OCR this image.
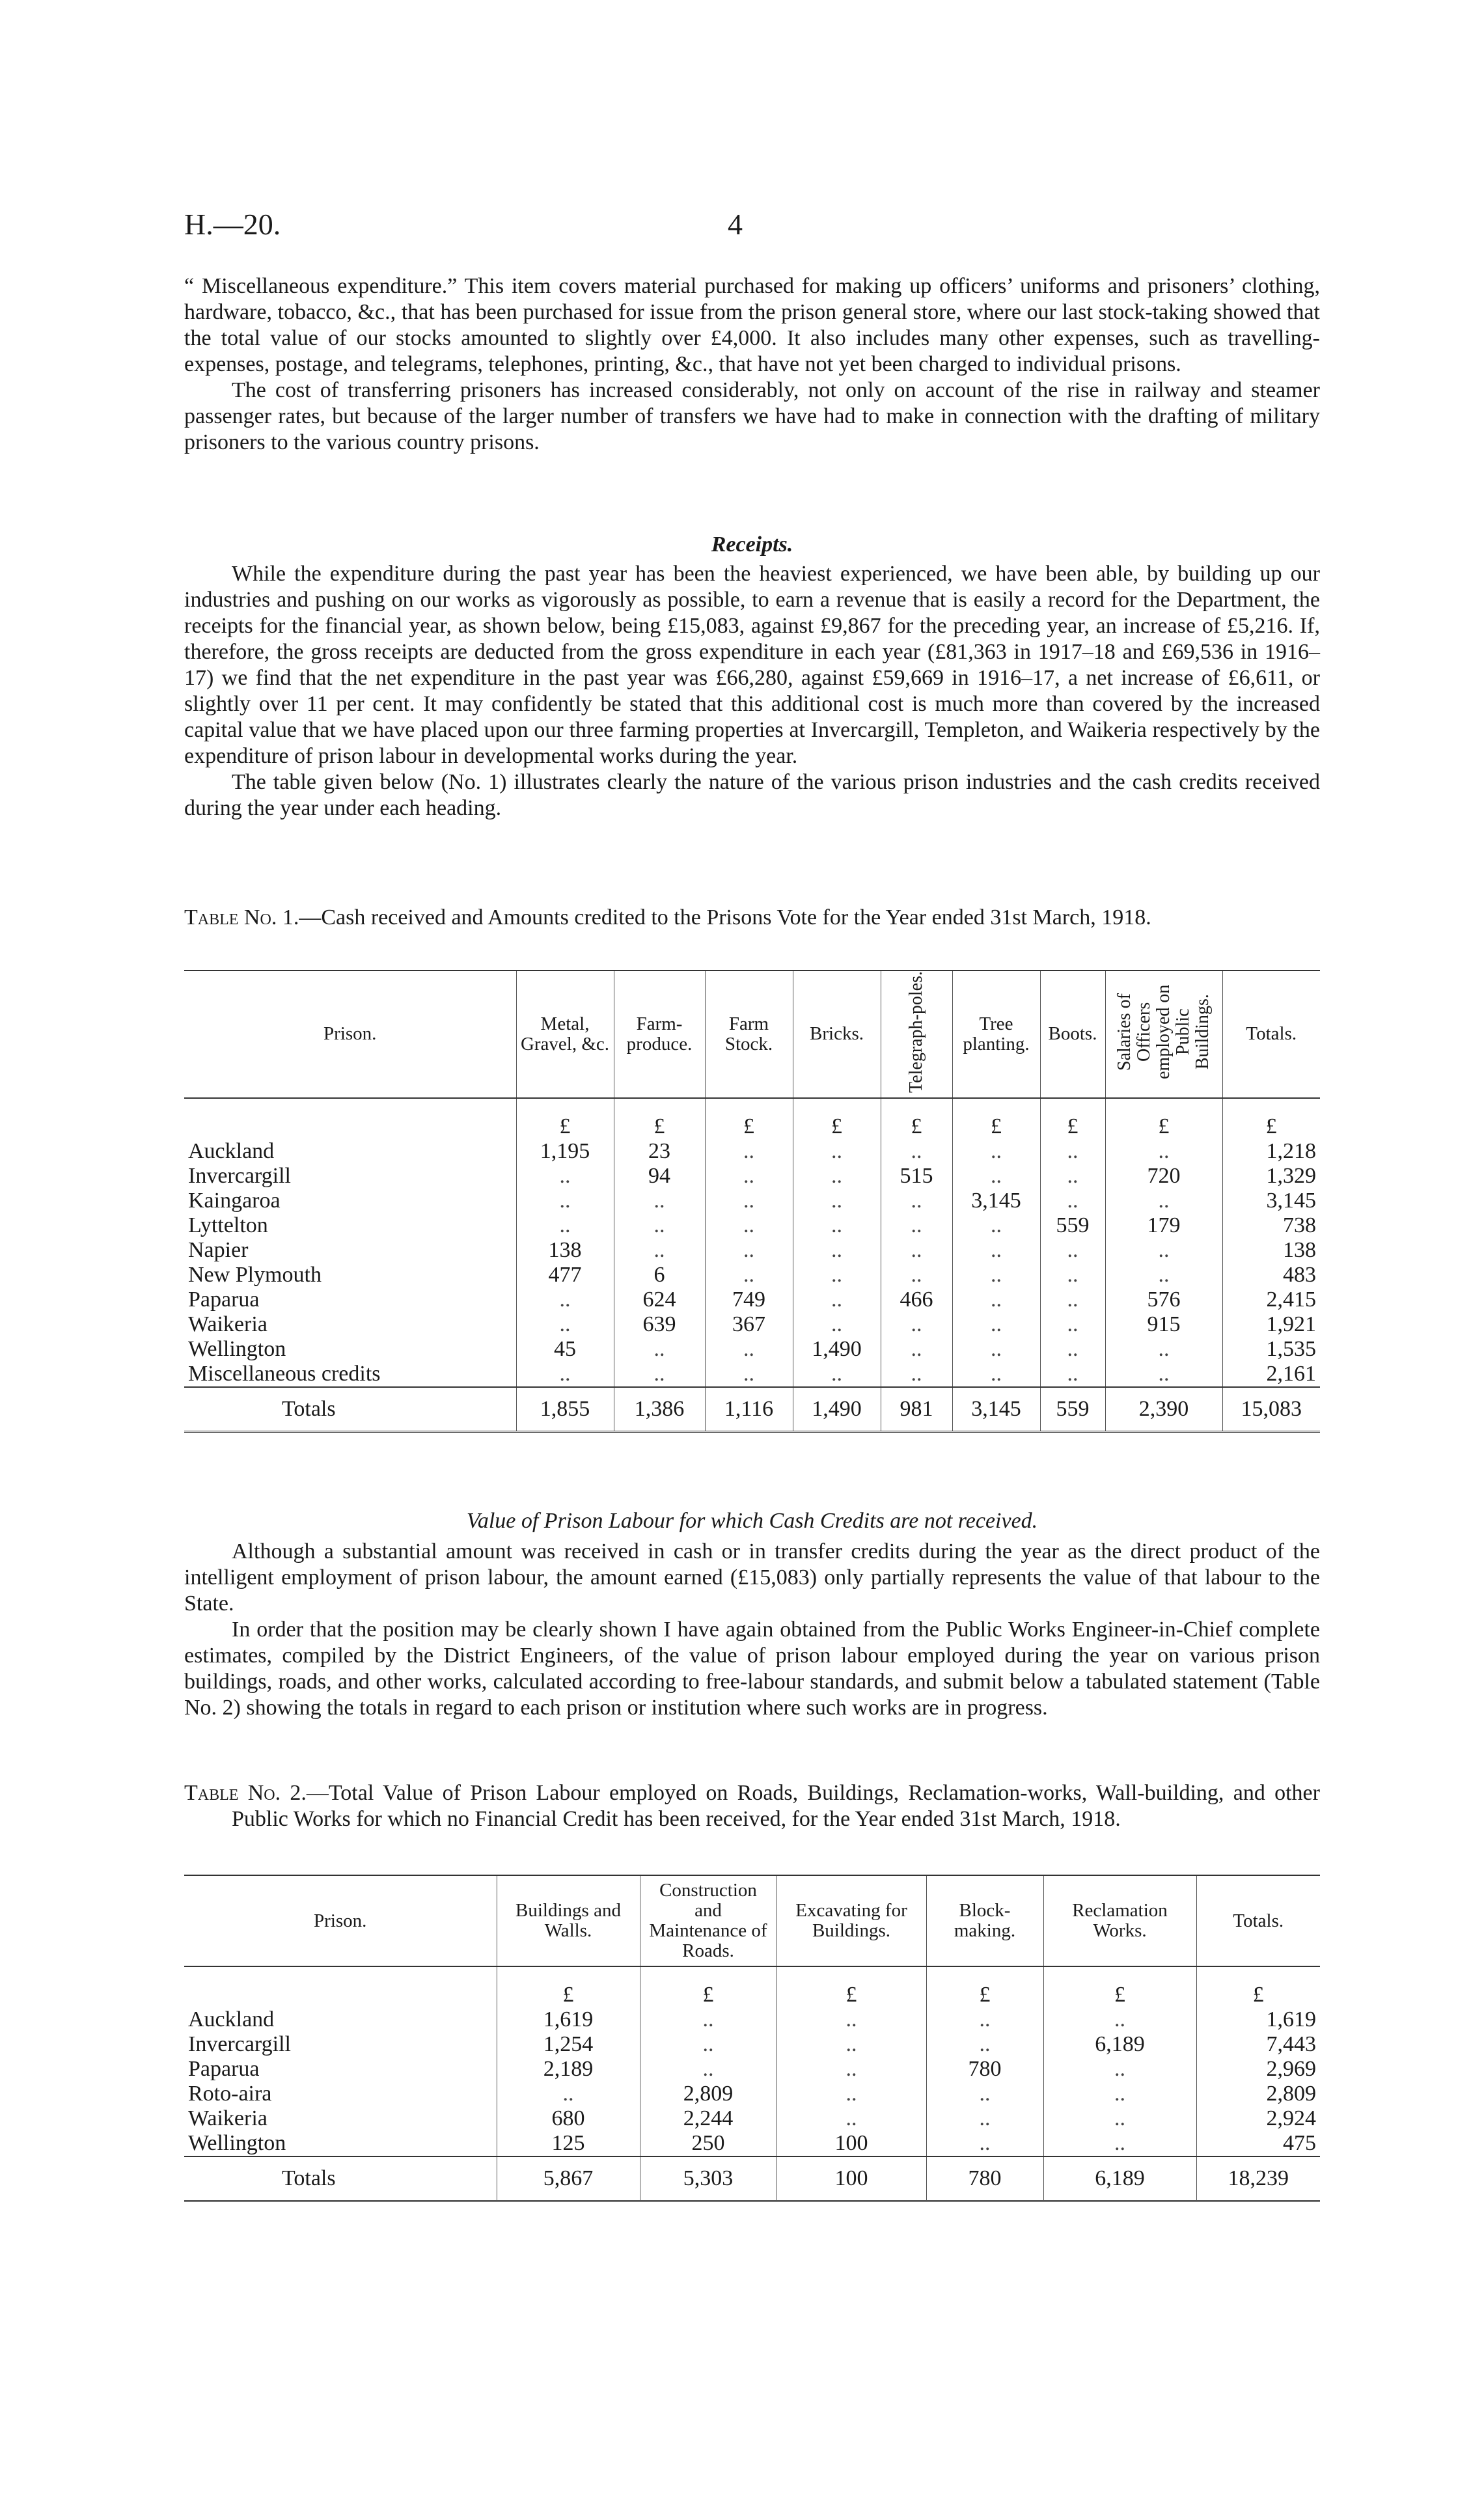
H.—20.	4

“ Miscellaneous expenditure.” This item covers material purchased for making up officers’ uniforms and prisoners’ clothing, hardware, tobacco, &c., that has been purchased for issue from the prison general store, where our last stock-taking showed that the total value of our stocks amounted to slightly over £4,000. It also includes many other expenses, such as travelling-expenses, postage, and telegrams, telephones, printing, &c., that have not yet been charged to individual prisons.

The cost of transferring prisoners has increased considerably, not only on account of the rise in railway and steamer passenger rates, but because of the larger number of transfers we have had to make in connection with the drafting of military prisoners to the various country prisons.

Receipts.

While the expenditure during the past year has been the heaviest experienced, we have been able, by building up our industries and pushing on our works as vigorously as possible, to earn a revenue that is easily a record for the Department, the receipts for the financial year, as shown below, being £15,083, against £9,867 for the preceding year, an increase of £5,216. If, therefore, the gross receipts are deducted from the gross expenditure in each year (£81,363 in 1917–18 and £69,536 in 1916–17) we find that the net expenditure in the past year was £66,280, against £59,669 in 1916–17, a net increase of £6,611, or slightly over 11 per cent. It may confidently be stated that this additional cost is much more than covered by the increased capital value that we have placed upon our three farming properties at Invercargill, Templeton, and Waikeria respectively by the expenditure of prison labour in developmental works during the year.

The table given below (No. 1) illustrates clearly the nature of the various prison industries and the cash credits received during the year under each heading.

Table No. 1.—Cash received and Amounts credited to the Prisons Vote for the Year ended 31st March, 1918.
Prison.	Metal, Gravel, &c.	Farm-produce.	Farm Stock.	Bricks.	Telegraph-poles.	Tree planting.	Boots.	Salaries of Officers employed on Public Buildings.	Totals.
	£	£	£	£	£	£	£	£	£
Auckland	1,195	23	..	..	..	..	..	..	1,218
Invercargill	..	94	..	..	515	..	..	720	1,329
Kaingaroa	..	..	..	..	..	3,145	..	..	3,145
Lyttelton	..	..	..	..	..	..	559	179	738
Napier	138	..	..	..	..	..	..	..	138
New Plymouth	477	6	..	..	..	..	..	..	483
Paparua	..	624	749	..	466	..	..	576	2,415
Waikeria	..	639	367	..	..	..	..	915	1,921
Wellington	45	..	..	1,490	..	..	..	..	1,535
Miscellaneous credits	..	..	..	..	..	..	..	..	2,161
Totals	1,855	1,386	1,116	1,490	981	3,145	559	2,390	15,083
Value of Prison Labour for which Cash Credits are not received.

Although a substantial amount was received in cash or in transfer credits during the year as the direct product of the intelligent employment of prison labour, the amount earned (£15,083) only partially represents the value of that labour to the State.

In order that the position may be clearly shown I have again obtained from the Public Works Engineer-in-Chief complete estimates, compiled by the District Engineers, of the value of prison labour employed during the year on various prison buildings, roads, and other works, calculated according to free-labour standards, and submit below a tabulated statement (Table No. 2) showing the totals in regard to each prison or institution where such works are in progress.

Table No. 2.—Total Value of Prison Labour employed on Roads, Buildings, Reclamation-works, Wall-building, and other Public Works for which no Financial Credit has been received, for the Year ended 31st March, 1918.
Prison.	Buildings and Walls.	Construction and Maintenance of Roads.	Excavating for Buildings.	Block-making.	Reclamation Works.	Totals.
	£	£	£	£	£	£
Auckland	1,619	..	..	..	..	1,619
Invercargill	1,254	..	..	..	6,189	7,443
Paparua	2,189	..	..	780	..	2,969
Roto-aira	..	2,809	..	..	..	2,809
Waikeria	680	2,244	..	..	..	2,924
Wellington	125	250	100	..	..	475
Totals	5,867	5,303	100	780	6,189	18,239
